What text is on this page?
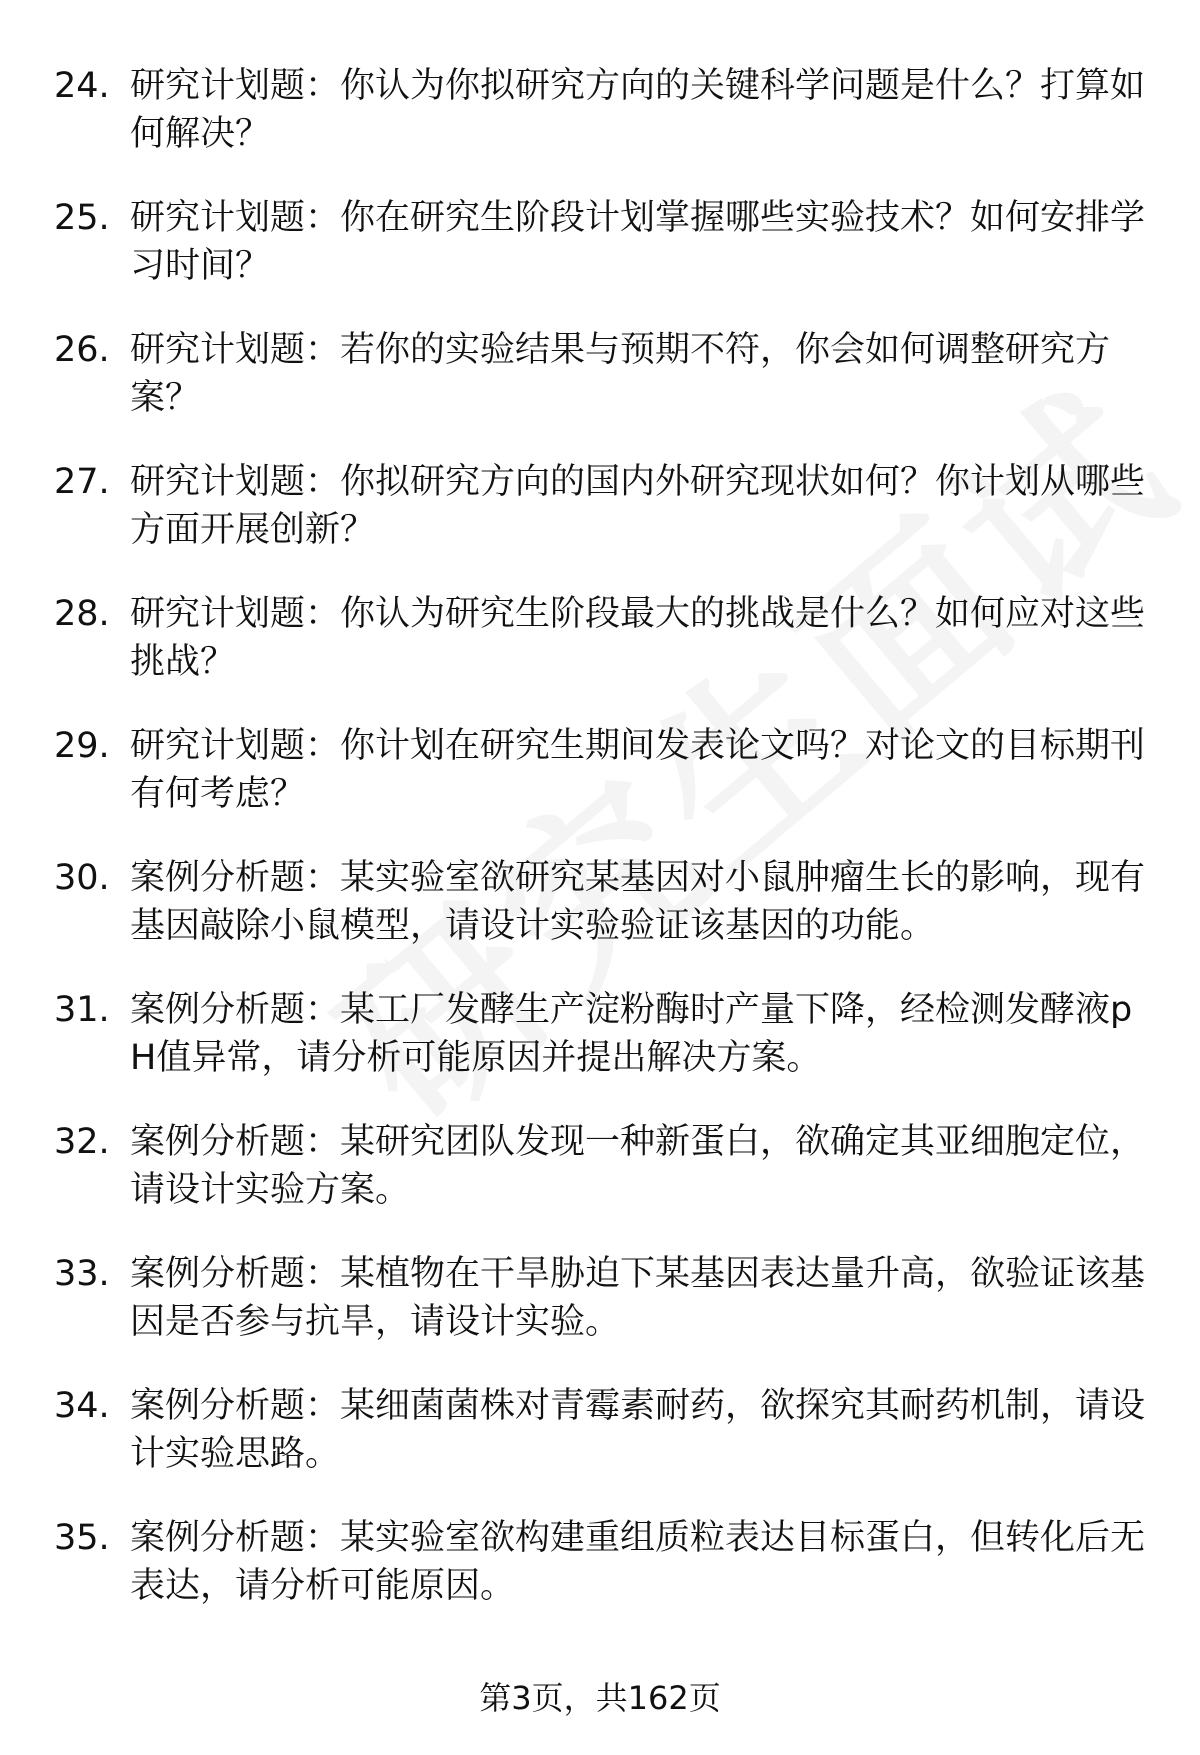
24. 研究计划题：你认为你拟研究方向的关键科学问题是什么？打算如何解决？
25. 研究计划题：你在研究生阶段计划掌握哪些实验技术？如何安排学习时间？
26. 研究计划题：若你的实验结果与预期不符，你会如何调整研究方案？
27. 研究计划题：你拟研究方向的国内外研究现状如何？你计划从哪些方面开展创新？
28. 研究计划题：你认为研究生阶段最大的挑战是什么？如何应对这些挑战？
29. 研究计划题：你计划在研究生期间发表论文吗？对论文的目标期刊有何考虑？
30. 案例分析题：某实验室欲研究某基因对小鼠肿瘤生长的影响，现有基因敲除小鼠模型，请设计实验验证该基因的功能。
31. 案例分析题：某工厂发酵生产淀粉酶时产量下降，经检测发酵液pH值异常，请分析可能原因并提出解决方案。
32. 案例分析题：某研究团队发现一种新蛋白，欲确定其亚细胞定位，请设计实验方案。
33. 案例分析题：某植物在干旱胁迫下某基因表达量升高，欲验证该基因是否参与抗旱，请设计实验。
34. 案例分析题：某细菌菌株对青霉素耐药，欲探究其耐药机制，请设计实验思路。
35. 案例分析题：某实验室欲构建重组质粒表达目标蛋白，但转化后无表达，请分析可能原因。
第3页，共162页
